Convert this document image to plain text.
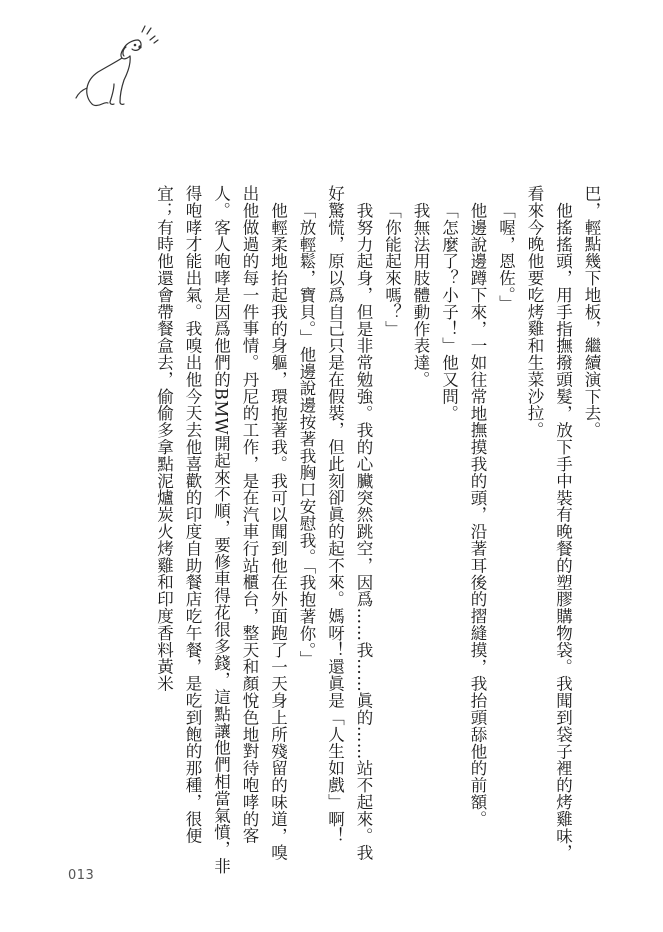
巴，輕點幾下地板，繼續演下去。

他搖搖頭，用手指撫撥頭髮，放下手中裝有晚餐的塑膠購物袋。我聞到袋子裡的烤雞味，看來今晚他要吃烤雞和生菜沙拉。

「喔，恩佐。」

他邊說邊蹲下來，一如往常地撫摸我的頭，沿著耳後的摺縫摸，我抬頭舔他的前額。

「怎麼了？小子！」他又問。

我無法用肢體動作表達。

「你能起來嗎？」

我努力起身，但是非常勉強。我的心臟突然跳空，因爲……我……眞的……站不起來。我好驚慌，原以爲自己只是在假裝，但此刻卻眞的起不來。媽呀！還眞是「人生如戲」啊！

「放輕鬆，寶貝。」他邊說邊按著我胸口安慰我。「我抱著你。」

他輕柔地抬起我的身軀，環抱著我。我可以聞到他在外面跑了一天身上所殘留的味道，嗅出他做過的每一件事情。丹尼的工作，是在汽車行站櫃台，整天和顏悅色地對待咆哮的客人。客人咆哮是因爲他們的BMW開起來不順，要修車得花很多錢，這點讓他們相當氣憤，非得咆哮才能出氣。我嗅出他今天去他喜歡的印度自助餐店吃午餐，是吃到飽的那種，很便宜；有時他還會帶餐盒去，偷偷多拿點泥爐炭火烤雞和印度香料黃米

013
